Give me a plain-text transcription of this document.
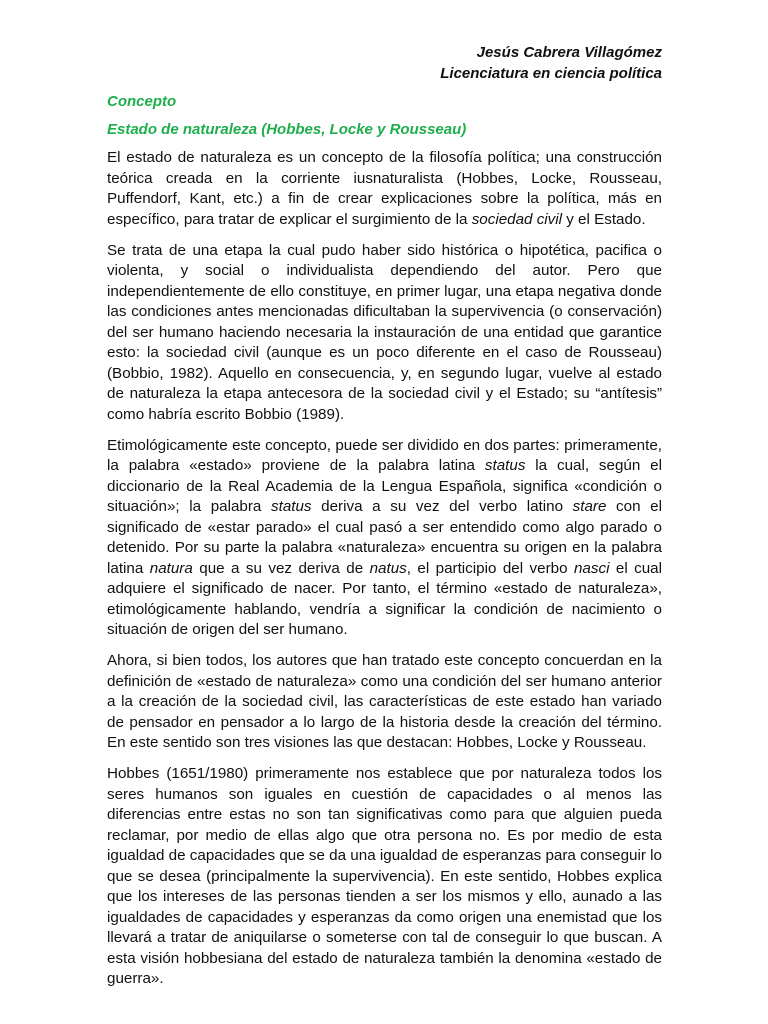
Jesús Cabrera Villagómez
Licenciatura en ciencia política
Concepto
Estado de naturaleza (Hobbes, Locke y Rousseau)

El estado de naturaleza es un concepto de la filosofía política; una construcción teórica creada en la corriente iusnaturalista (Hobbes, Locke, Rousseau, Puffendorf, Kant, etc.) a fin de crear explicaciones sobre la política, más en específico, para tratar de explicar el surgimiento de la sociedad civil y el Estado.

Se trata de una etapa la cual pudo haber sido histórica o hipotética, pacifica o violenta, y social o individualista dependiendo del autor. Pero que independientemente de ello constituye, en primer lugar, una etapa negativa donde las condiciones antes mencionadas dificultaban la supervivencia (o conservación) del ser humano haciendo necesaria la instauración de una entidad que garantice esto: la sociedad civil (aunque es un poco diferente en el caso de Rousseau) (Bobbio, 1982). Aquello en consecuencia, y, en segundo lugar, vuelve al estado de naturaleza la etapa antecesora de la sociedad civil y el Estado; su “antítesis” como habría escrito Bobbio (1989).

Etimológicamente este concepto, puede ser dividido en dos partes: primeramente, la palabra «estado» proviene de la palabra latina status la cual, según el diccionario de la Real Academia de la Lengua Española, significa «condición o situación»; la palabra status deriva a su vez del verbo latino stare con el significado de «estar parado» el cual pasó a ser entendido como algo parado o detenido. Por su parte la palabra «naturaleza» encuentra su origen en la palabra latina natura que a su vez deriva de natus, el participio del verbo nasci el cual adquiere el significado de nacer. Por tanto, el término «estado de naturaleza», etimológicamente hablando, vendría a significar la condición de nacimiento o situación de origen del ser humano.

Ahora, si bien todos, los autores que han tratado este concepto concuerdan en la definición de «estado de naturaleza» como una condición del ser humano anterior a la creación de la sociedad civil, las características de este estado han variado de pensador en pensador a lo largo de la historia desde la creación del término. En este sentido son tres visiones las que destacan: Hobbes, Locke y Rousseau.

Hobbes (1651/1980) primeramente nos establece que por naturaleza todos los seres humanos son iguales en cuestión de capacidades o al menos las diferencias entre estas no son tan significativas como para que alguien pueda reclamar, por medio de ellas algo que otra persona no. Es por medio de esta igualdad de capacidades que se da una igualdad de esperanzas para conseguir lo que se desea (principalmente la supervivencia). En este sentido, Hobbes explica que los intereses de las personas tienden a ser los mismos y ello, aunado a las igualdades de capacidades y esperanzas da como origen una enemistad que los llevará a tratar de aniquilarse o someterse con tal de conseguir lo que buscan. A esta visión hobbesiana del estado de naturaleza también la denomina «estado de guerra».
